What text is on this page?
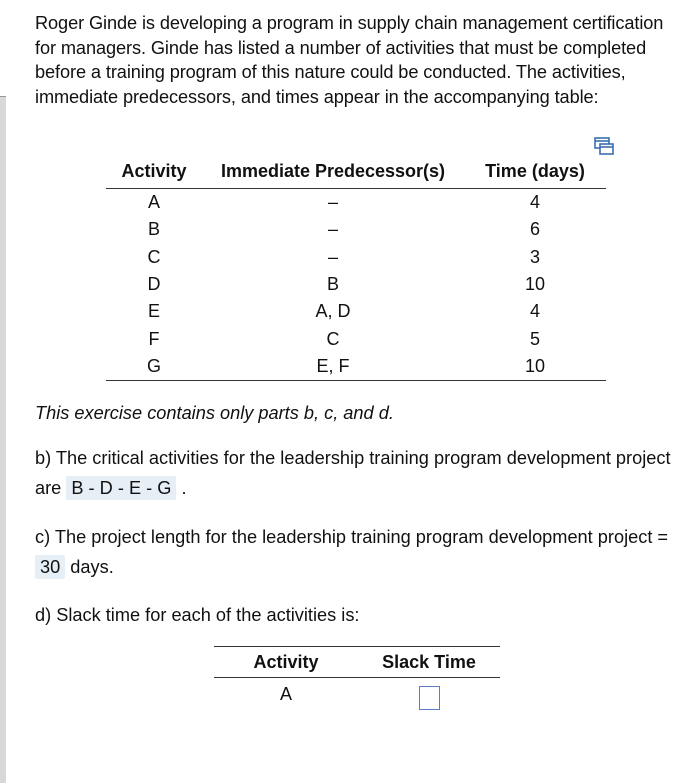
Roger Ginde is developing a program in supply chain management certification for managers. Ginde has listed a number of activities that must be completed before a training program of this nature could be conducted. The activities, immediate predecessors, and times appear in the accompanying table:
Activity	Immediate Predecessor(s)	Time (days)
A	–	4
B	–	6
C	–	3
D	B	10
E	A, D	4
F	C	5
G	E, F	10
This exercise contains only parts b, c, and d.
b) The critical activities for the leadership training program development project are B - D - E - G .
c) The project length for the leadership training program development project = 30 days.
d) Slack time for each of the activities is:
Activity	Slack Time
A	
